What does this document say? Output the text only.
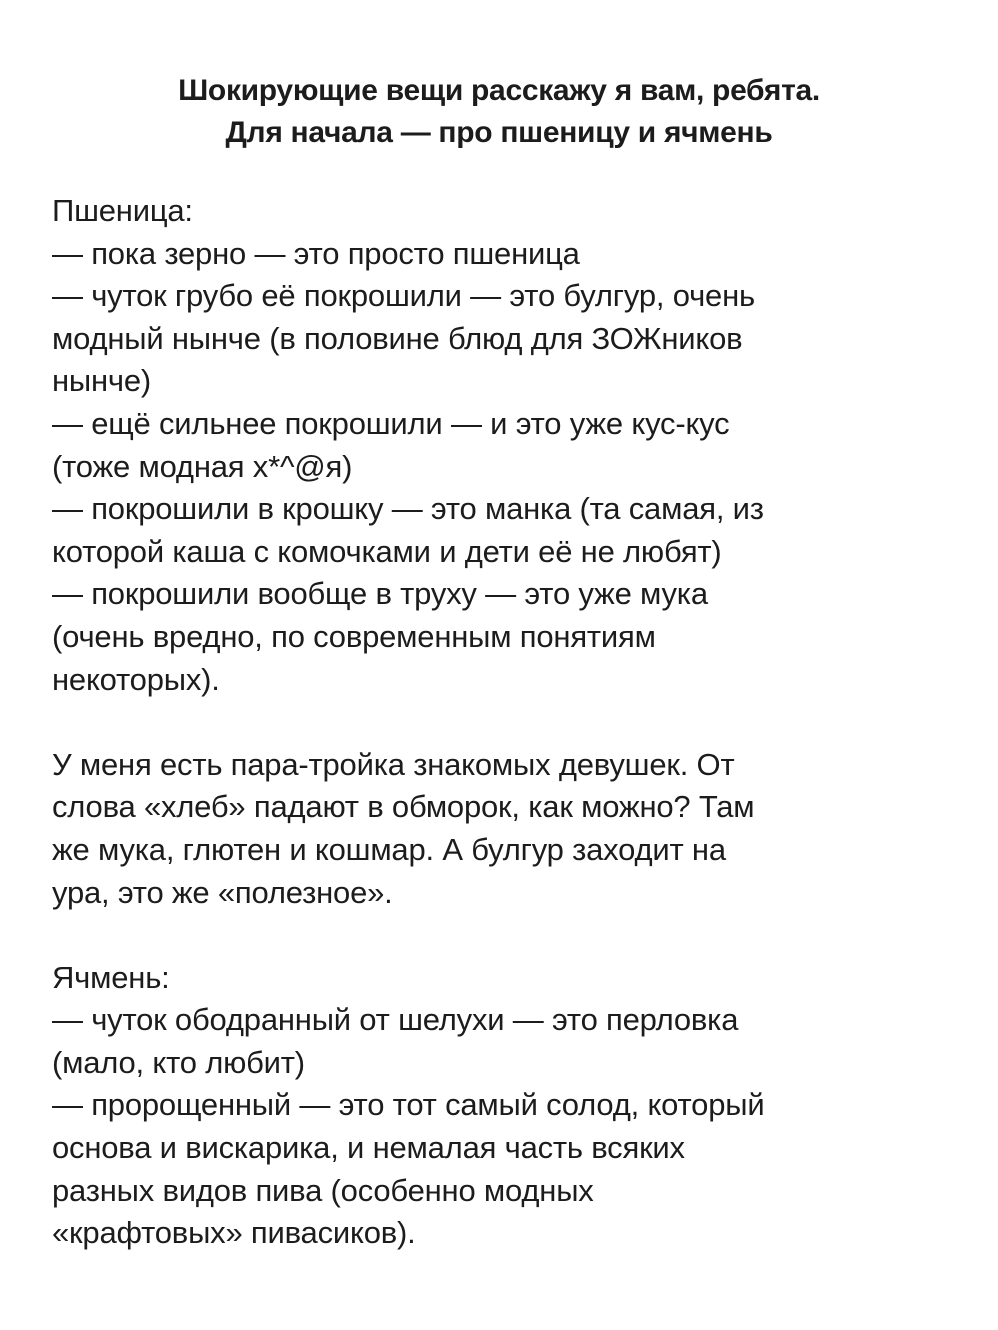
Шокирующие вещи расскажу я вам, ребята.
Для начала — про пшеницу и ячмень
Пшеница:
— пока зерно — это просто пшеница
— чуток грубо её покрошили — это булгур, очень
модный нынче (в половине блюд для ЗОЖников
нынче)
— ещё сильнее покрошили — и это уже кус-кус
(тоже модная х*^@я)
— покрошили в крошку — это манка (та самая, из
которой каша с комочками и дети её не любят)
— покрошили вообще в труху — это уже мука
(очень вредно, по современным понятиям
некоторых).
У меня есть пара-тройка знакомых девушек. От
слова «хлеб» падают в обморок, как можно? Там
же мука, глютен и кошмар. А булгур заходит на
ура, это же «полезное».
Ячмень:
— чуток ободранный от шелухи — это перловка
(мало, кто любит)
— пророщенный — это тот самый солод, который
основа и вискарика, и немалая часть всяких
разных видов пива (особенно модных
«крафтовых» пивасиков).
